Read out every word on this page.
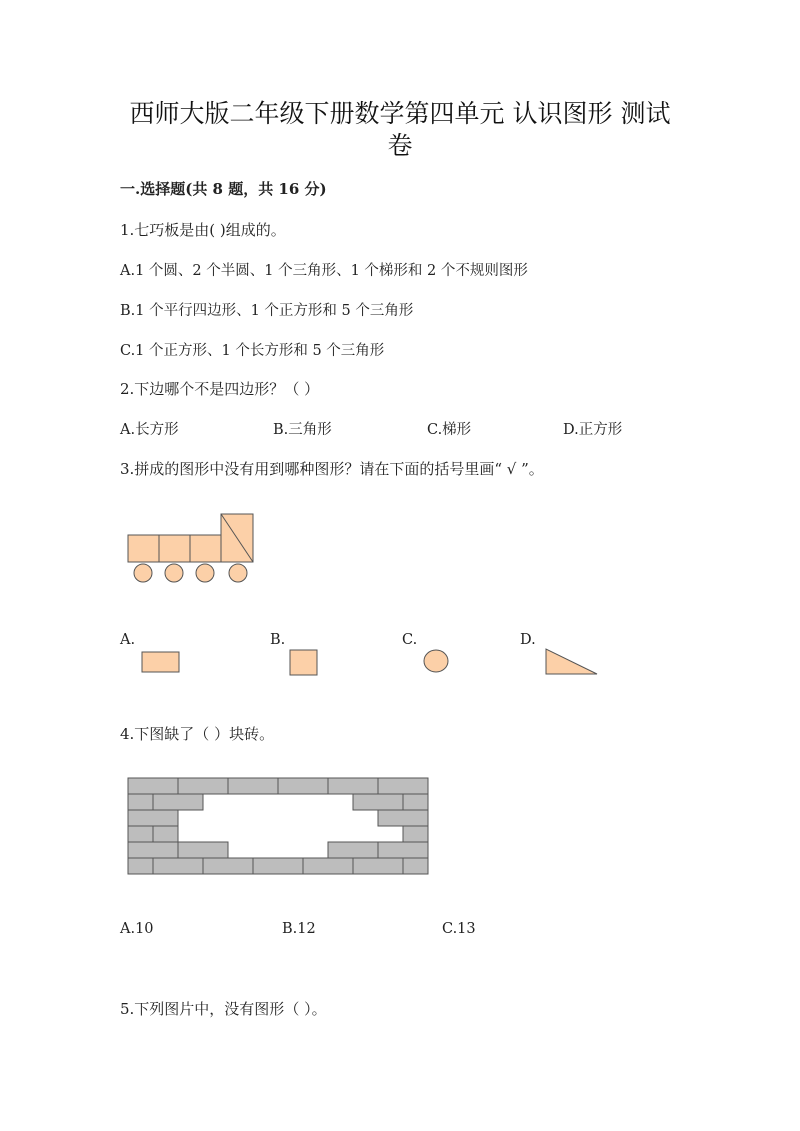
西师大版二年级下册数学第四单元 认识图形 测试
卷
一.选择题(共 8 题，共 16 分)
1.七巧板是由( )组成的。
A.1 个圆、2 个半圆、1 个三角形、1 个梯形和 2 个不规则图形
B.1 个平行四边形、1 个正方形和 5 个三角形
C.1 个正方形、1 个长方形和 5 个三角形
2.下边哪个不是四边形？（ ）
A.长方形	B.三角形	C.梯形	D.正方形
3.拼成的图形中没有用到哪种图形？请在下面的括号里画“ √ ”。
A.	B.	C.	D.
4.下图缺了（ ）块砖。
A.10	B.12	C.13
5.下列图片中，没有图形（ ）。
